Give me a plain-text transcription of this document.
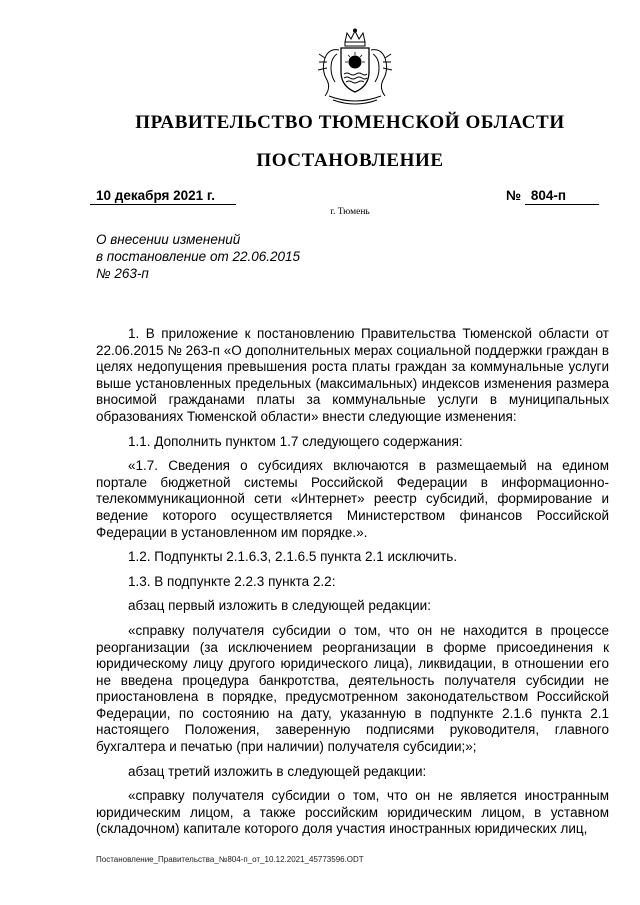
ПРАВИТЕЛЬСТВО ТЮМЕНСКОЙ ОБЛАСТИ
ПОСТАНОВЛЕНИЕ
10 декабря 2021 г.	№ 804-п
г. Тюмень
О внесении изменений
в постановление от 22.06.2015
№ 263-п

1. В приложение к постановлению Правительства Тюменской области от 22.06.2015 № 263-п «О дополнительных мерах социальной поддержки граждан в целях недопущения превышения роста платы граждан за коммунальные услуги выше установленных предельных (максимальных) индексов изменения размера вносимой гражданами платы за коммунальные услуги в муниципальных образованиях Тюменской области» внести следующие изменения:

1.1. Дополнить пунктом 1.7 следующего содержания:

«1.7. Сведения о субсидиях включаются в размещаемый на едином портале бюджетной системы Российской Федерации в информационно-телекоммуникационной сети «Интернет» реестр субсидий, формирование и ведение которого осуществляется Министерством финансов Российской Федерации в установленном им порядке.».

1.2. Подпункты 2.1.6.3, 2.1.6.5 пункта 2.1 исключить.

1.3. В подпункте 2.2.3 пункта 2.2:

абзац первый изложить в следующей редакции:

«справку получателя субсидии о том, что он не находится в процессе реорганизации (за исключением реорганизации в форме присоединения к юридическому лицу другого юридического лица), ликвидации, в отношении его не введена процедура банкротства, деятельность получателя субсидии не приостановлена в порядке, предусмотренном законодательством Российской Федерации, по состоянию на дату, указанную в подпункте 2.1.6 пункта 2.1 настоящего Положения, заверенную подписями руководителя, главного бухгалтера и печатью (при наличии) получателя субсидии;»;

абзац третий изложить в следующей редакции:

«справку получателя субсидии о том, что он не является иностранным юридическим лицом, а также российским юридическим лицом, в уставном (складочном) капитале которого доля участия иностранных юридических лиц,

Постановление_Правительства_№804-п_от_10.12.2021_45773596.ODT
